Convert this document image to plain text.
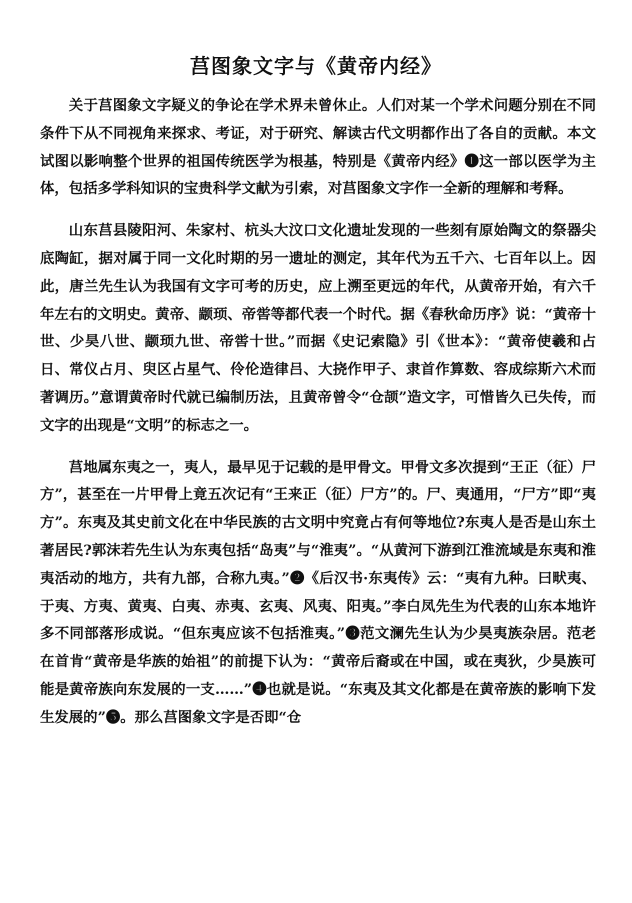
莒图象文字与《黄帝内经》

关于莒图象文字疑义的争论在学术界未曾休止。人们对某一个学术问题分别在不同条件下从不同视角来探求、考证，对于研究、解读古代文明都作出了各自的贡献。本文试图以影响整个世界的祖国传统医学为根基，特别是《黄帝内经》❶这一部以医学为主体，包括多学科知识的宝贵科学文献为引索，对莒图象文字作一全新的理解和考释。

山东莒县陵阳河、朱家村、杭头大汶口文化遗址发现的一些刻有原始陶文的祭器尖底陶缸，据对属于同一文化时期的另一遗址的测定，其年代为五千六、七百年以上。因此，唐兰先生认为我国有文字可考的历史，应上溯至更远的年代，从黄帝开始，有六千年左右的文明史。黄帝、颛顼、帝喾等都代表一个时代。据《春秋命历序》说：“黄帝十世、少昊八世、颛顼九世、帝喾十世。”而据《史记索隐》引《世本》：“黄帝使羲和占日、常仪占月、臾区占星气、伶伦造律吕、大挠作甲子、隶首作算数、容成综斯六术而著调历。”意谓黄帝时代就已编制历法，且黄帝曾令“仓颉”造文字，可惜皆久已失传，而文字的出现是“文明”的标志之一。

莒地属东夷之一，夷人，最早见于记载的是甲骨文。甲骨文多次提到“王正（征）尸方”，甚至在一片甲骨上竟五次记有“王来正（征）尸方”的。尸、夷通用，“尸方”即“夷方”。东夷及其史前文化在中华民族的古文明中究竟占有何等地位?东夷人是否是山东土著居民?郭沫若先生认为东夷包括“岛夷”与“淮夷”。“从黄河下游到江淮流域是东夷和淮夷活动的地方，共有九部，合称九夷。”❷《后汉书·东夷传》云：“夷有九种。曰畎夷、于夷、方夷、黄夷、白夷、赤夷、玄夷、风夷、阳夷。”李白凤先生为代表的山东本地许多不同部落形成说。“但东夷应该不包括淮夷。”❸范文澜先生认为少昊夷族杂居。范老在首肯“黄帝是华族的始祖”的前提下认为：“黄帝后裔或在中国，或在夷狄，少昊族可能是黄帝族向东发展的一支……”❹也就是说。“东夷及其文化都是在黄帝族的影响下发生发展的”❺。那么莒图象文字是否即“仓
